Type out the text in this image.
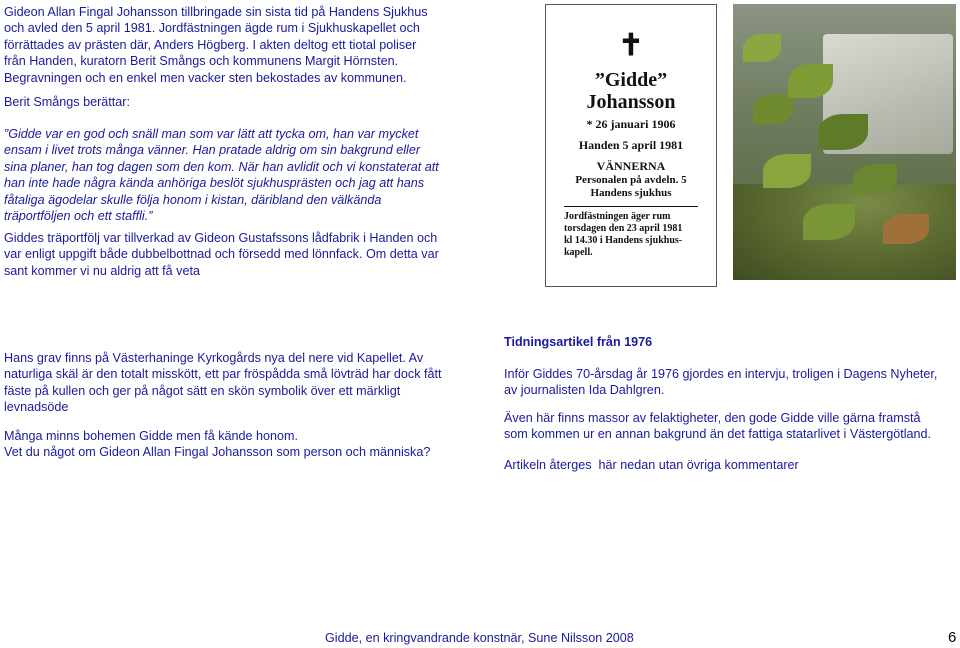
Gideon Allan Fingal Johansson tillbringade sin sista tid på Handens Sjukhus

och avled den 5 april 1981. Jordfästningen ägde rum i Sjukhuskapellet och

förrättades av prästen där, Anders Högberg. I akten deltog ett tiotal poliser

från Handen, kuratorn Berit Smångs och kommunens Margit Hörnsten.

Begravningen och en enkel men vacker sten bekostades av kommunen.

Berit Smångs berättar:

”Gidde var en god och snäll man som var lätt att tycka om, han var mycket

ensam i livet trots många vänner. Han pratade aldrig om sin bakgrund eller

sina planer, han tog dagen som den kom. När han avlidit och vi konstaterat att

han inte hade några kända anhöriga beslöt sjukhusprästen och jag att hans

fåtaliga ägodelar skulle följa honom i kistan, däribland den välkända

träportföljen och ett staffli.”

Giddes träportfölj var tillverkad av Gideon Gustafssons lådfabrik i Handen och

var enligt uppgift både dubbelbottnad och försedd med lönnfack. Om detta var

sant kommer vi nu aldrig att få veta

✝
”Gidde”
Johansson
* 26 januari 1906
Handen 5 april 1981
VÄNNERNA
Personalen på avdeln. 5
Handens sjukhus
Jordfästningen äger rum
torsdagen den 23 april 1981
kl 14.30 i Handens sjukhus-
kapell.

Hans grav finns på Västerhaninge Kyrkogårds nya del nere vid Kapellet. Av

naturliga skäl är den totalt misskött, ett par fröspådda små lövträd har dock fått

fäste på kullen och ger på något sätt en skön symbolik över ett märkligt

levnadsöde

Många minns bohemen Gidde men få kände honom.

Vet du något om Gideon Allan Fingal Johansson som person och människa?

Tidningsartikel från 1976

Inför Giddes 70-årsdag år 1976 gjordes en intervju, troligen i Dagens Nyheter,

av journalisten Ida Dahlgren.

Även här finns massor av felaktigheter, den gode Gidde ville gärna framstå

som kommen ur en annan bakgrund än det fattiga statarlivet i Västergötland.

Artikeln återges  här nedan utan övriga kommentarer

Gidde, en kringvandrande konstnär, Sune Nilsson 2008	6
